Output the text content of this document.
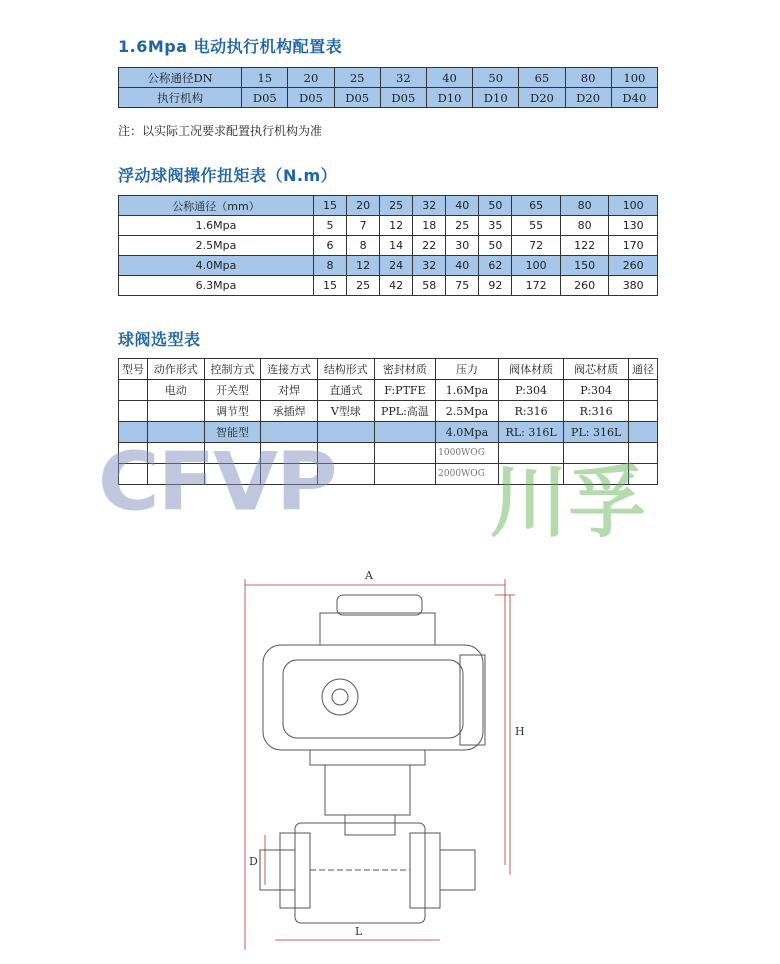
1.6Mpa 电动执行机构配置表
公称通径DN	15	20	25	32	40	50	65	80	100
执行机构	D05	D05	D05	D05	D10	D10	D20	D20	D40
注：以实际工况要求配置执行机构为准
浮动球阀操作扭矩表（N.m）
公称通径（mm）	15	20	25	32	40	50	65	80	100
1.6Mpa	5	7	12	18	25	35	55	80	130
2.5Mpa	6	8	14	22	30	50	72	122	170
4.0Mpa	8	12	24	32	40	62	100	150	260
6.3Mpa	15	25	42	58	75	92	172	260	380
球阀选型表
型号	动作形式	控制方式	连接方式	结构形式	密封材质	压力	阀体材质	阀芯材质	通径
	电动	开关型	对焊	直通式	F:PTFE	1.6Mpa	P:304	P:304	
		调节型	承插焊	V型球	PPL:高温	2.5Mpa	R:316	R:316	
		智能型				4.0Mpa	RL: 316L	PL: 316L	
						1000WOG			
						2000WOG			
CFVP 川孚
A
H
D
L
